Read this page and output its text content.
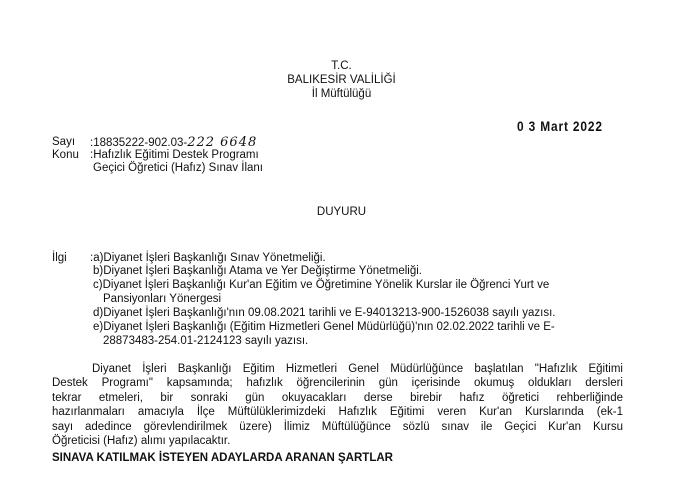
T.C.
BALIKESİR VALİLİĞİ
İl Müftülüğü
0 3 Mart 2022
Sayı :18835222-902.03-222 6648
Konu :Hafızlık Eğitimi Destek Programı
Geçici Öğretici (Hafız) Sınav İlanı
DUYURU
İlgi :a)Diyanet İşleri Başkanlığı Sınav Yönetmeliği.
b)Diyanet İşleri Başkanlığı Atama ve Yer Değiştirme Yönetmeliği.
c)Diyanet İşleri Başkanlığı Kur'an Eğitim ve Öğretimine Yönelik Kurslar ile Öğrenci Yurt ve
Pansiyonları Yönergesi
d)Diyanet İşleri Başkanlığı'nın 09.08.2021 tarihli ve E-94013213-900-1526038 sayılı yazısı.
e)Diyanet İşleri Başkanlığı (Eğitim Hizmetleri Genel Müdürlüğü)'nın 02.02.2022 tarihli ve E-
28873483-254.01-2124123 sayılı yazısı.
Diyanet İşleri Başkanlığı Eğitim Hizmetleri Genel Müdürlüğünce başlatılan "Hafızlık Eğitimi
Destek Programı" kapsamında; hafızlık öğrencilerinin gün içerisinde okumuş oldukları dersleri
tekrar etmeleri, bir sonraki gün okuyacakları derse birebir hafız öğretici rehberliğinde
hazırlanmaları amacıyla İlçe Müftülüklerimizdeki Hafızlık Eğitimi veren Kur'an Kurslarında (ek-1
sayı adedince görevlendirilmek üzere) İlimiz Müftülüğünce sözlü sınav ile Geçici Kur'an Kursu
Öğreticisi (Hafız) alımı yapılacaktır.
SINAVA KATILMAK İSTEYEN ADAYLARDA ARANAN ŞARTLAR
